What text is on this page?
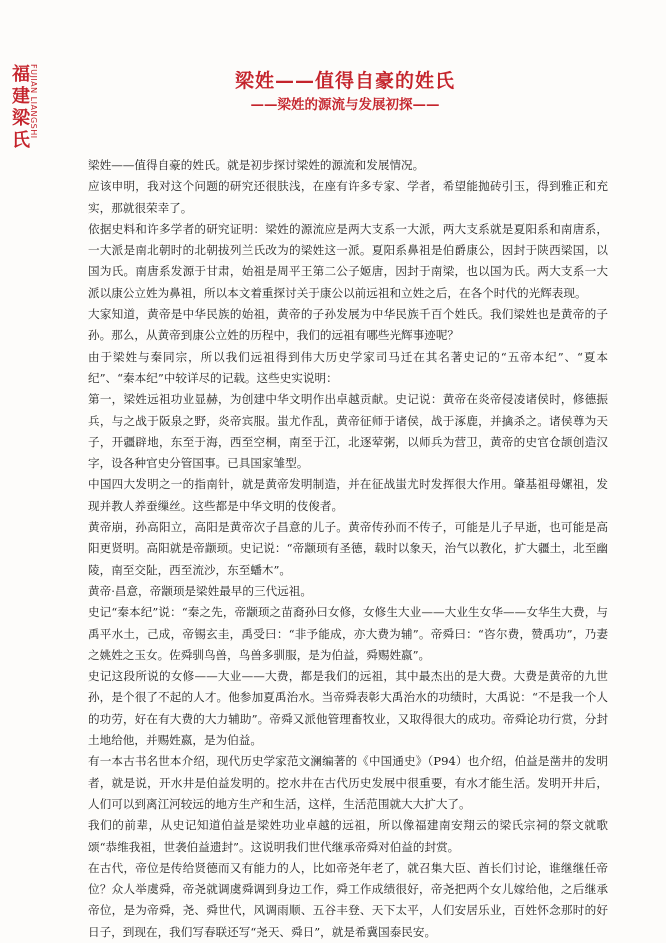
福
建
梁
氏
FUJIAN LIANGSHI	梁姓——值得自豪的姓氏
——梁姓的源流与发展初探——

梁姓——值得自豪的姓氏。就是初步探讨梁姓的源流和发展情况。

应该申明，我对这个问题的研究还很肤浅，在座有许多专家、学者，希望能抛砖引玉，得到雅正和充实，那就很荣幸了。

依据史料和许多学者的研究证明：梁姓的源流应是两大支系一大派，两大支系就是夏阳系和南唐系，一大派是南北朝时的北朝拔列兰氏改为的梁姓这一派。夏阳系鼻祖是伯爵康公，因封于陕西梁国，以国为氏。南唐系发源于甘肃，始祖是周平王第二公子姬唐，因封于南梁，也以国为氏。两大支系一大派以康公立姓为鼻祖，所以本文着重探讨关于康公以前远祖和立姓之后，在各个时代的光辉表现。

大家知道，黄帝是中华民族的始祖，黄帝的子孙发展为中华民族千百个姓氏。我们梁姓也是黄帝的子孙。那么，从黄帝到康公立姓的历程中，我们的远祖有哪些光辉事迹呢？

由于梁姓与秦同宗，所以我们远祖得到伟大历史学家司马迁在其名著史记的“五帝本纪”、“夏本纪”、“秦本纪”中较详尽的记载。这些史实说明：

第一，梁姓远祖功业显赫，为创建中华文明作出卓越贡献。史记说：黄帝在炎帝侵凌诸侯时，修德振兵，与之战于阪泉之野，炎帝宾服。蚩尤作乱，黄帝征师于诸侯，战于涿鹿，并擒杀之。诸侯尊为天子，开疆辟地，东至于海，西至空桐，南至于江，北逐荤粥，以师兵为营卫，黄帝的史官仓颉创造汉字，设各种官史分管国事。已具国家雏型。

中国四大发明之一的指南针，就是黄帝发明制造，并在征战蚩尤时发挥很大作用。肇基祖母嫘祖，发现并教人养蚕缫丝。这些都是中华文明的伎俊者。

黄帝崩，孙高阳立，高阳是黄帝次子昌意的儿子。黄帝传孙而不传子，可能是儿子早逝，也可能是高阳更贤明。高阳就是帝颛顼。史记说：“帝颛顼有圣德，载时以象天，治气以教化，扩大疆土，北至幽陵，南至交阯，西至流沙，东至蟠木”。

黄帝·昌意，帝颛顼是梁姓最早的三代远祖。

史记“秦本纪”说：“秦之先，帝颛顼之苗裔孙曰女修，女修生大业——大业生女华——女华生大费，与禹平水土，己成，帝锡玄圭，禹受曰：“非予能成，亦大费为辅”。帝舜曰：“咨尔费，赞禹功”，乃妻之姚姓之玉女。佐舜驯鸟兽，鸟兽多驯服，是为伯益，舜赐姓嬴”。

史记这段所说的女修——大业——大费，都是我们的远祖，其中最杰出的是大费。大费是黄帝的九世孙，是个很了不起的人才。他参加夏禹治水。当帝舜表彰大禹治水的功绩时，大禹说：“不是我一个人的功劳，好在有大费的大力辅助”。帝舜又派他管理畜牧业，又取得很大的成功。帝舜论功行赏，分封土地给他，并赐姓嬴，是为伯益。

有一本古书名世本介绍，现代历史学家范文澜编著的《中国通史》（P94）也介绍，伯益是凿井的发明者，就是说，开水井是伯益发明的。挖水井在古代历史发展中很重要，有水才能生活。发明开井后，人们可以到离江河较远的地方生产和生活，这样，生活范围就大大扩大了。

我们的前辈，从史记知道伯益是梁姓功业卓越的远祖，所以像福建南安翔云的梁氏宗祠的祭文就歌颂“恭维我祖，世袭伯益遗封”。这说明我们世代继承帝舜对伯益的封赏。

在古代，帝位是传给贤德而又有能力的人，比如帝尧年老了，就召集大臣、酋长们讨论，谁继继任帝位？众人举虞舜，帝尧就调虞舜调到身边工作，舜工作成绩很好，帝尧把两个女儿嫁给他，之后继承帝位，是为帝舜，尧、舜世代，风调雨顺、五谷丰登、天下太平，人们安居乐业，百姓怀念那时的好日子，到现在，我们写春联还写“尧天、舜日”，就是希冀国泰民安。
